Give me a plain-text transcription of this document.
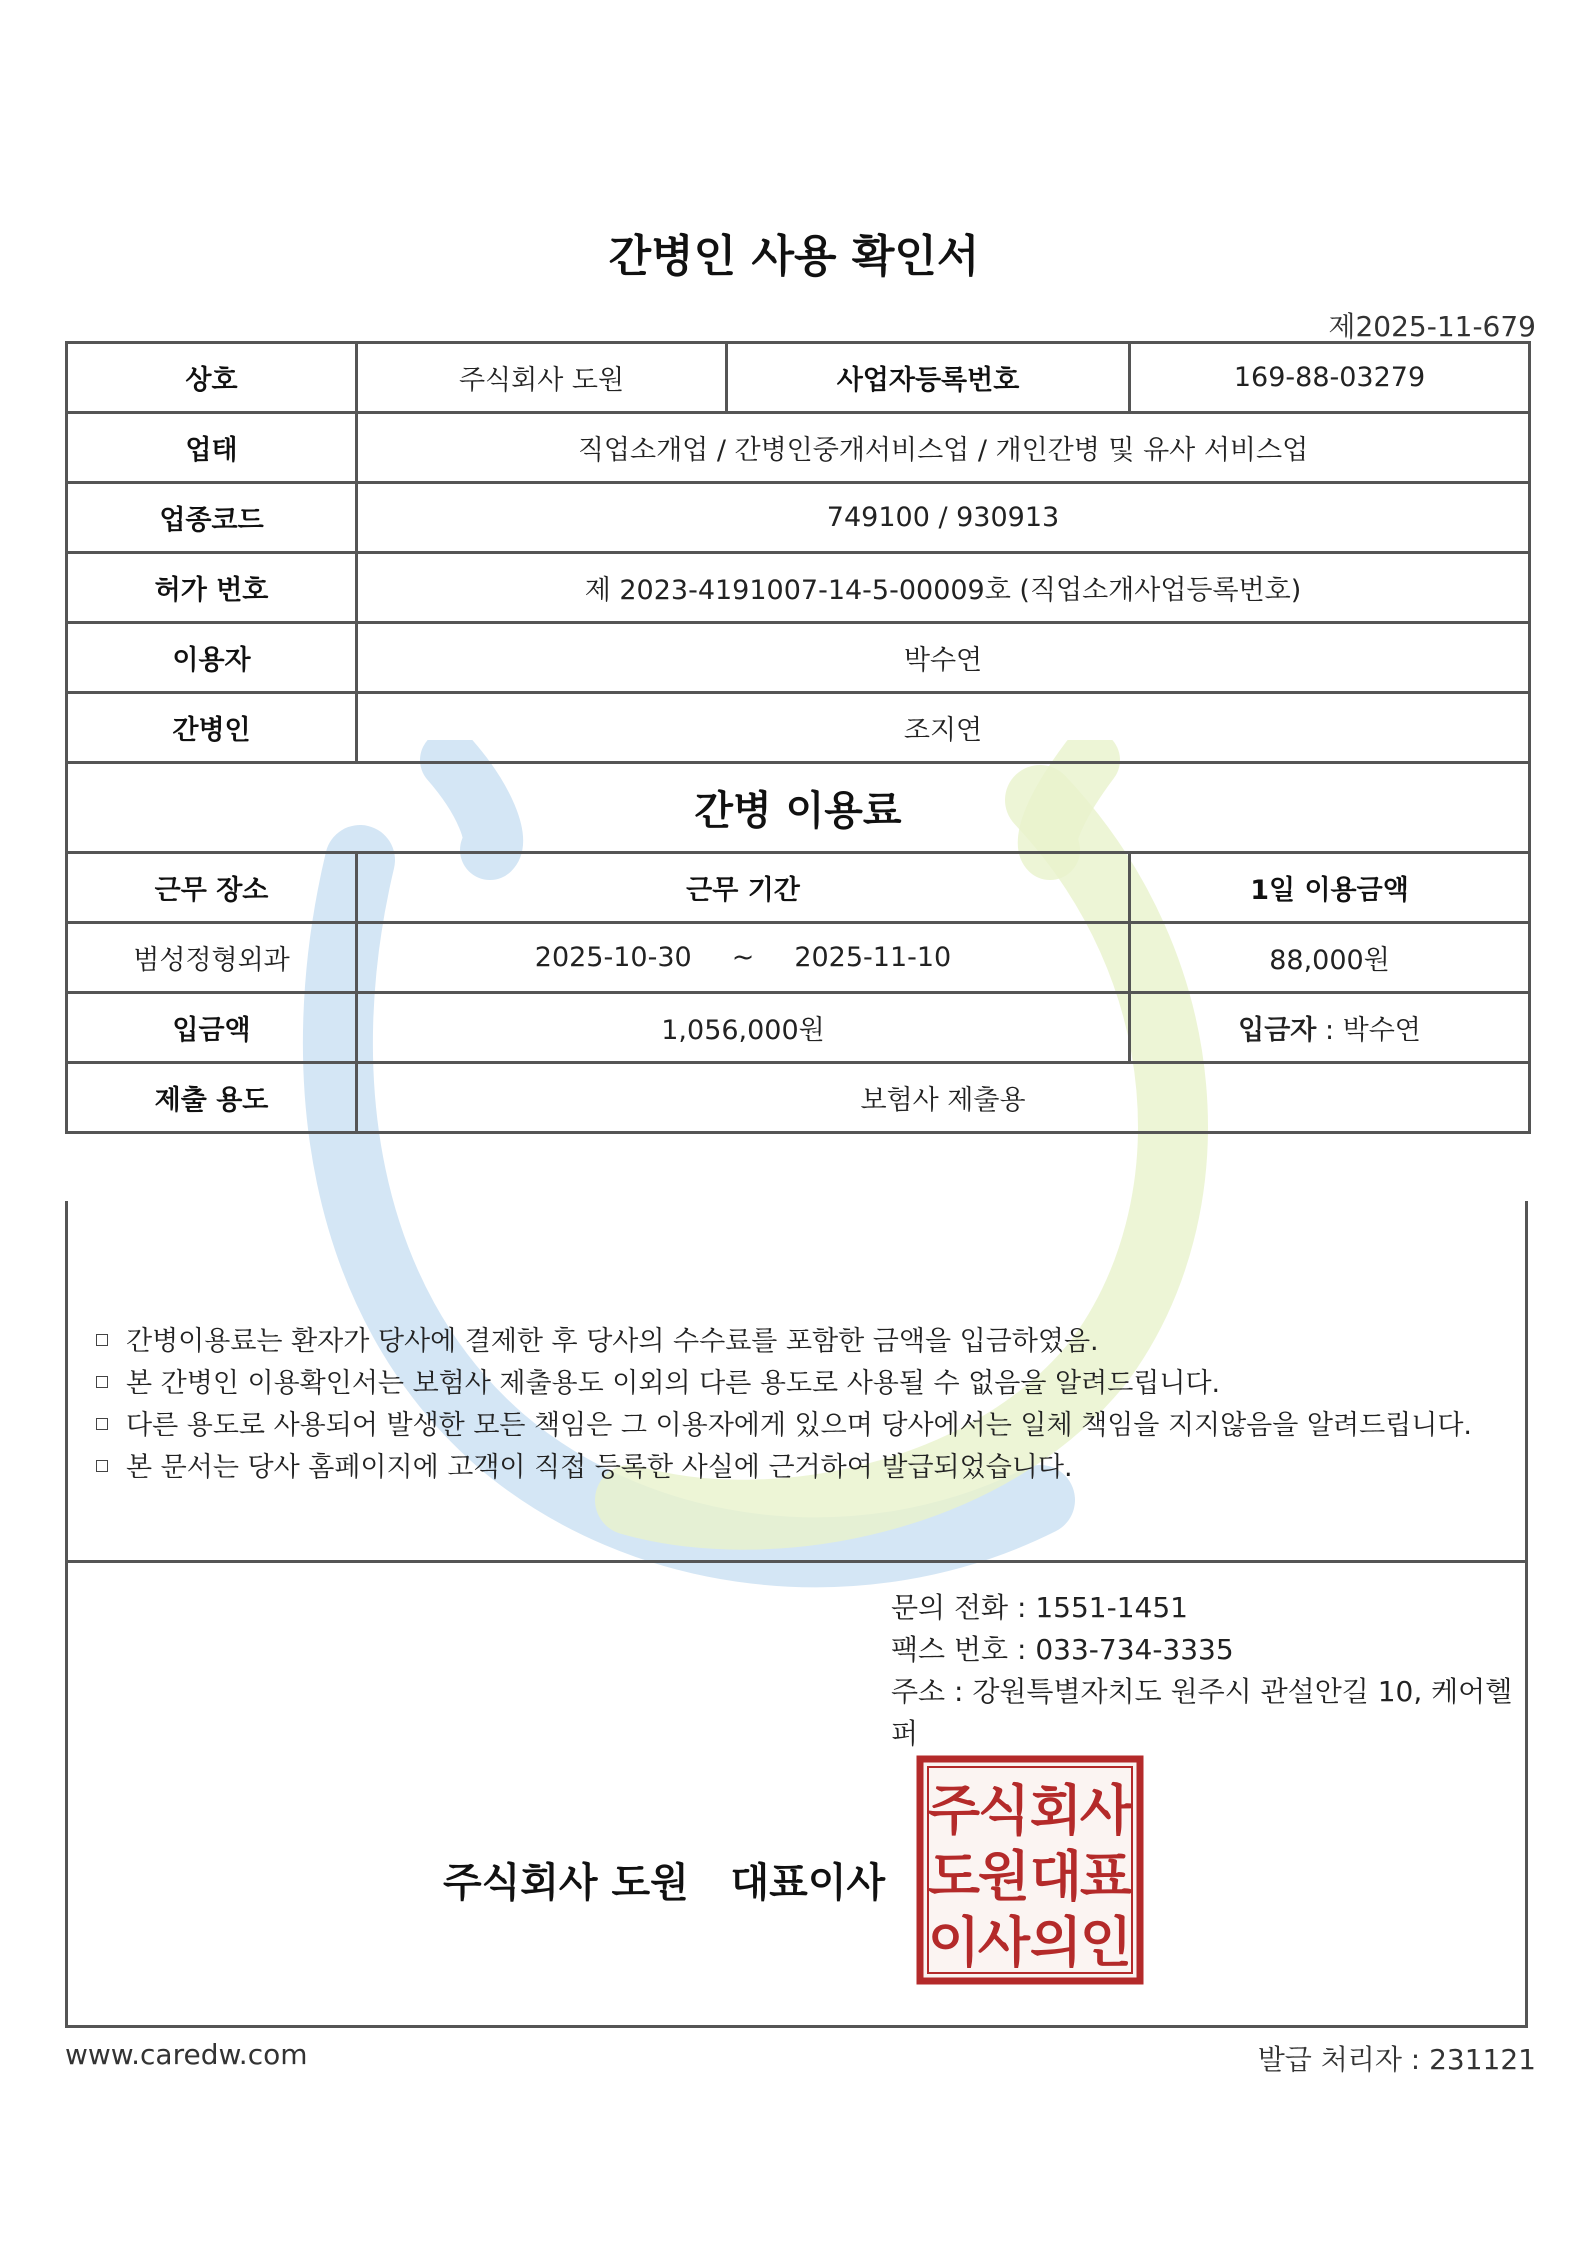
간병인 사용 확인서
제2025-11-679
상호	주식회사 도원	사업자등록번호	169-88-03279
업태	직업소개업 / 간병인중개서비스업 / 개인간병 및 유사 서비스업		
업종코드	749100 / 930913		
허가 번호	제 2023-4191007-14-5-00009호 (직업소개사업등록번호)		
이용자	박수연		
간병인	조지연		
간병 이용료			
근무 장소	근무 기간		1일 이용금액
범성정형외과	2025-10-30 ~ 2025-11-10		88,000원
입금액	1,056,000원		입금자 : 박수연
제출 용도	보험사 제출용		
간병이용료는 환자가 당사에 결제한 후 당사의 수수료를 포함한 금액을 입금하였음.
본 간병인 이용확인서는 보험사 제출용도 이외의 다른 용도로 사용될 수 없음을 알려드립니다.
다른 용도로 사용되어 발생한 모든 책임은 그 이용자에게 있으며 당사에서는 일체 책임을 지지않음을 알려드립니다.
본 문서는 당사 홈페이지에 고객이 직접 등록한 사실에 근거하여 발급되었습니다.
문의 전화 : 1551-1451
팩스 번호 : 033-734-3335
주소 : 강원특별자치도 원주시 관설안길 10, 케어헬퍼
주식회사 도원   대표이사
주
식 회
사
도
원 대
표
이
사 의
인
www.caredw.com	발급 처리자 : 231121
